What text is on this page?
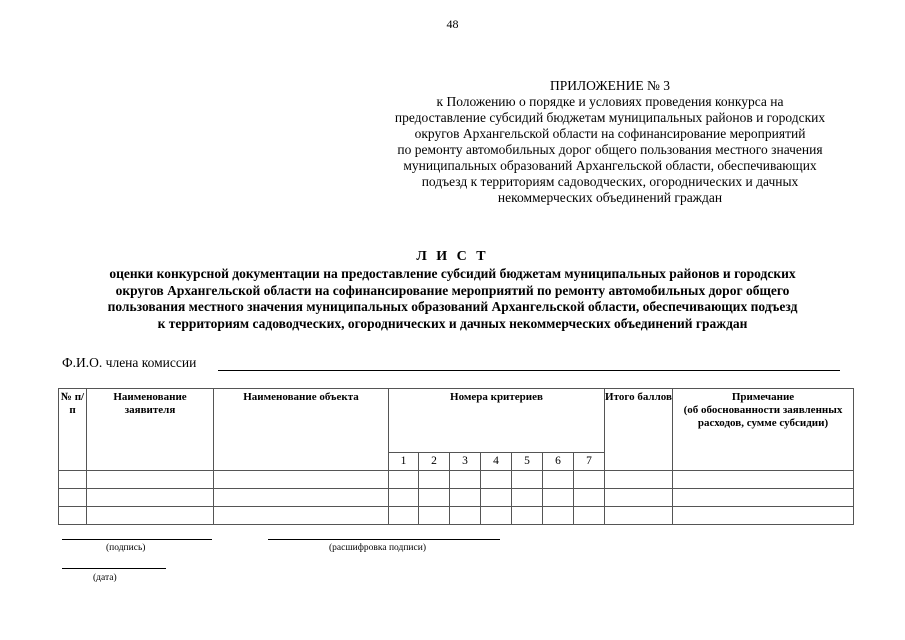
48
ПРИЛОЖЕНИЕ № 3
к Положению о порядке и условиях проведения конкурса на
предоставление субсидий бюджетам муниципальных районов и городских
округов Архангельской области на софинансирование мероприятий
по ремонту автомобильных дорог общего пользования местного значения
муниципальных образований Архангельской области, обеспечивающих
подъезд к территориям садоводческих, огороднических и дачных
некоммерческих объединений граждан
Л И С Т
оценки конкурсной документации на предоставление субсидий бюджетам муниципальных районов и городских
округов Архангельской области на софинансирование мероприятий по ремонту автомобильных дорог общего
пользования местного значения муниципальных образований Архангельской области, обеспечивающих подъезд
к территориям садоводческих, огороднических и дачных некоммерческих объединений граждан
Ф.И.О. члена комиссии
№ п/п	Наименование заявителя	Наименование объекта	Номера критериев							Итого баллов	Примечание
(об обоснованности заявленных расходов, сумме субсидии)

			1	2	3	4	5	6	7		

(подпись)	(расшифровка подписи)
(дата)
